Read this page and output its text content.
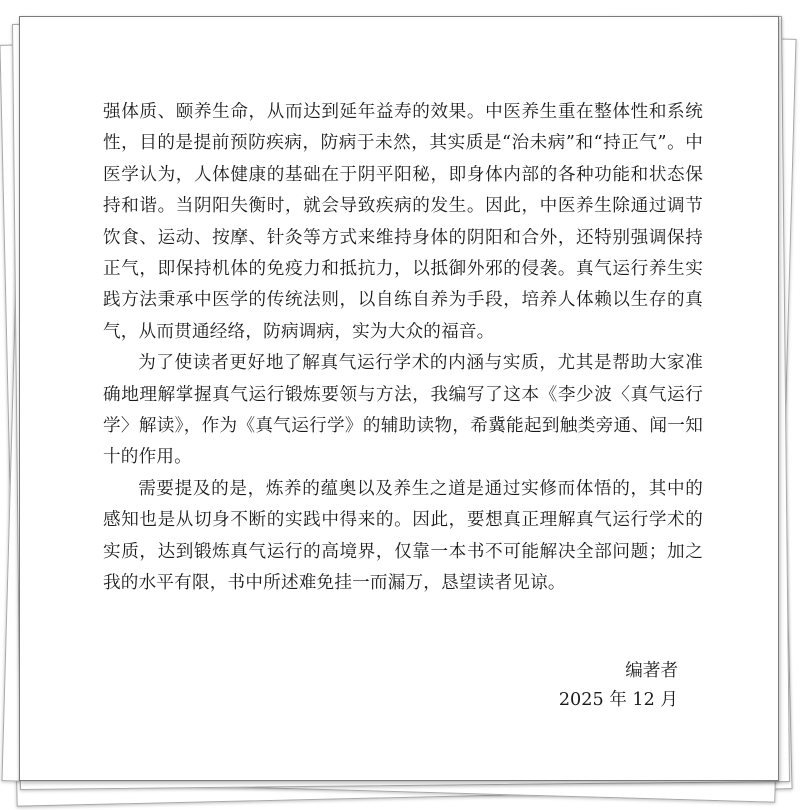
强体质、颐养生命，从而达到延年益寿的效果。中医养生重在整体性和系统性，目的是提前预防疾病，防病于未然，其实质是“治未病”和“持正气”。中医学认为，人体健康的基础在于阴平阳秘，即身体内部的各种功能和状态保持和谐。当阴阳失衡时，就会导致疾病的发生。因此，中医养生除通过调节饮食、运动、按摩、针灸等方式来维持身体的阴阳和合外，还特别强调保持正气，即保持机体的免疫力和抵抗力，以抵御外邪的侵袭。真气运行养生实践方法秉承中医学的传统法则，以自练自养为手段，培养人体赖以生存的真气，从而贯通经络，防病调病，实为大众的福音。

为了使读者更好地了解真气运行学术的内涵与实质，尤其是帮助大家准确地理解掌握真气运行锻炼要领与方法，我编写了这本《李少波〈真气运行学〉解读》，作为《真气运行学》的辅助读物，希冀能起到触类旁通、闻一知十的作用。

需要提及的是，炼养的蕴奥以及养生之道是通过实修而体悟的，其中的感知也是从切身不断的实践中得来的。因此，要想真正理解真气运行学术的实质，达到锻炼真气运行的高境界，仅靠一本书不可能解决全部问题；加之我的水平有限，书中所述难免挂一而漏万，恳望读者见谅。

编著者
2025 年 12 月
